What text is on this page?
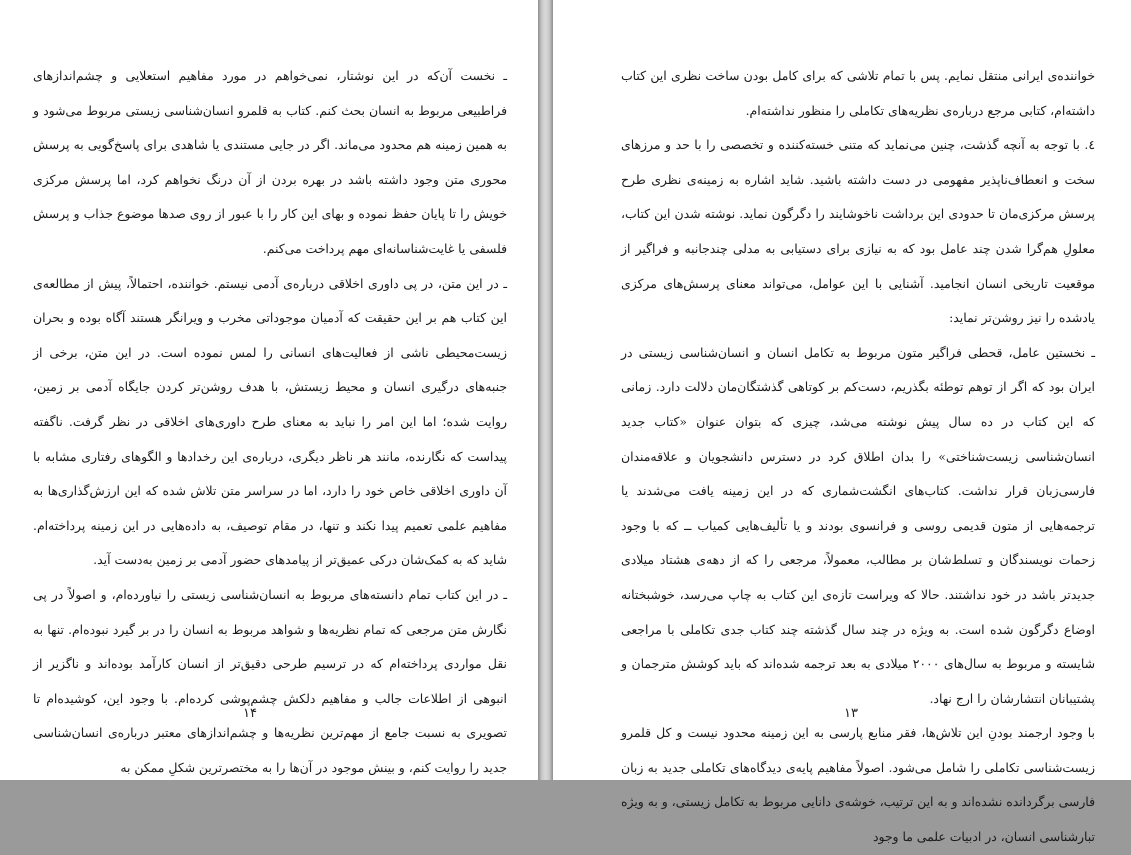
ـ نخست آن‌که در این نوشتار، نمی‌خواهم در مورد مفاهیم استعلایی و چشم‌اندازهای فراطبیعی مربوط به انسان بحث کنم. کتاب به قلمرو انسان‌شناسی زیستی مربوط می‌شود و به همین زمینه هم محدود می‌ماند. اگر در جایی مستندی یا شاهدی برای پاسخ‌گویی به پرسش محوری متن وجود داشته باشد در بهره بردن از آن درنگ نخواهم کرد، اما پرسش مرکزی خویش را تا پایان حفظ نموده و بهای این کار را با عبور از روی صدها موضوع جذاب و پرسش فلسفی یا غایت‌شناسانه‌ای مهم پرداخت می‌کنم.

ـ در این متن، در پی داوری اخلاقی درباره‌ی آدمی نیستم. خواننده، احتمالاً، پیش از مطالعه‌ی این کتاب هم بر این حقیقت که آدمیان موجوداتی مخرب و ویرانگر هستند آگاه بوده و بحران زیست‌محیطی ناشی از فعالیت‌های انسانی را لمس نموده است. در این متن، برخی از جنبه‌های درگیری انسان و محیط زیستش، با هدف روشن‌تر کردن جایگاه آدمی بر زمین، روایت شده؛ اما این امر را نباید به معنای طرح داوری‌های اخلاقی در نظر گرفت. ناگفته پیداست که نگارنده، مانند هر ناظر دیگری، درباره‌ی این رخدادها و الگوهای رفتاری مشابه با آن داوری اخلاقی خاص خود را دارد، اما در سراسر متن تلاش شده که این ارزش‌گذاری‌ها به مفاهیم علمی تعمیم پیدا نکند و تنها، در مقام توصیف، به داده‌هایی در این زمینه پرداخته‌ام. شاید که به کمک‌شان درکی عمیق‌تر از پیامدهای حضور آدمی بر زمین به‌دست آید.

ـ در این کتاب تمام دانسته‌های مربوط به انسان‌شناسی زیستی را نیاورده‌ام، و اصولاً در پی نگارش متن مرجعی که تمام نظریه‌ها و شواهد مربوط به انسان را در بر گیرد نبوده‌ام. تنها به نقل مواردی پرداخته‌ام که در ترسیم طرحی دقیق‌تر از انسان کارآمد بوده‌اند و ناگزیر از انبوهی از اطلاعات جالب و مفاهیم دلکش چشم‌پوشی کرده‌ام. با وجود این، کوشیده‌ام تا تصویری به نسبت جامع از مهم‌ترین نظریه‌ها و چشم‌اندازهای معتبر درباره‌ی انسان‌شناسی جدید را روایت کنم، و بینش موجود در آن‌ها را به مختصرترین شکلِ ممکن به

۱۴

خواننده‌ی ایرانی منتقل نمایم. پس با تمام تلاشی که برای کامل بودن ساخت نظری این کتاب داشته‌ام، کتابی مرجع درباره‌ی نظریه‌های تکاملی را منظور نداشته‌ام.

٤. با توجه به آنچه گذشت، چنین می‌نماید که متنی خسته‌کننده و تخصصی را با حد و مرزهای سخت و انعطاف‌ناپذیر مفهومی در دست داشته باشید. شاید اشاره به زمینه‌ی نظری طرح پرسش مرکزی‌مان تا حدودی این برداشت ناخوشایند را دگرگون نماید. نوشته شدن این کتاب، معلولِ هم‌گرا شدن چند عامل بود که به نیازی برای دستیابی به مدلی چندجانبه و فراگیر از موقعیت تاریخی انسان انجامید. آشنایی با این عوامل، می‌تواند معنای پرسش‌های مرکزی یادشده را نیز روشن‌تر نماید:

ـ نخستین عامل، قحطی فراگیر متون مربوط به تکامل انسان و انسان‌شناسی زیستی در ایران بود که اگر از توهم توطئه بگذریم، دست‌کم بر کوتاهی گذشتگان‌مان دلالت دارد. زمانی که این کتاب در ده سال پیش نوشته می‌شد، چیزی که بتوان عنوان «کتاب جدید انسان‌شناسی زیست‌شناختی» را بدان اطلاق کرد در دسترس دانشجویان و علاقه‌مندان فارسی‌زبان قرار نداشت. کتاب‌های انگشت‌شماری که در این زمینه یافت می‌شدند یا ترجمه‌هایی از متون قدیمی روسی و فرانسوی بودند و یا تألیف‌هایی کمیاب ــ که با وجود زحمات نویسندگان و تسلط‌شان بر مطالب، معمولاً، مرجعی را که از دهه‌ی هشتاد میلادی جدیدتر باشد در خود نداشتند. حالا که ویراست تازه‌ی این کتاب به چاپ می‌رسد، خوشبختانه اوضاع دگرگون شده است. به ویژه در چند سال گذشته چند کتاب جدی تکاملی با مراجعی شایسته و مربوط به سال‌های ۲۰۰۰ میلادی به بعد ترجمه شده‌اند که باید کوشش مترجمان و پشتیبانان انتشارشان را ارج نهاد.

با وجود ارجمند بودنِ این تلاش‌ها، فقر منابع پارسی به این زمینه محدود نیست و کل قلمرو زیست‌شناسی تکاملی را شامل می‌شود. اصولاً مفاهیم پایه‌ی دیدگاه‌های تکاملی جدید به زبان فارسی برگردانده نشده‌اند و به این ترتیب، خوشه‌ی دانایی مربوط به تکامل زیستی، و به ویژه تبارشناسی انسان، در ادبیات علمی ما وجود

۱۳
